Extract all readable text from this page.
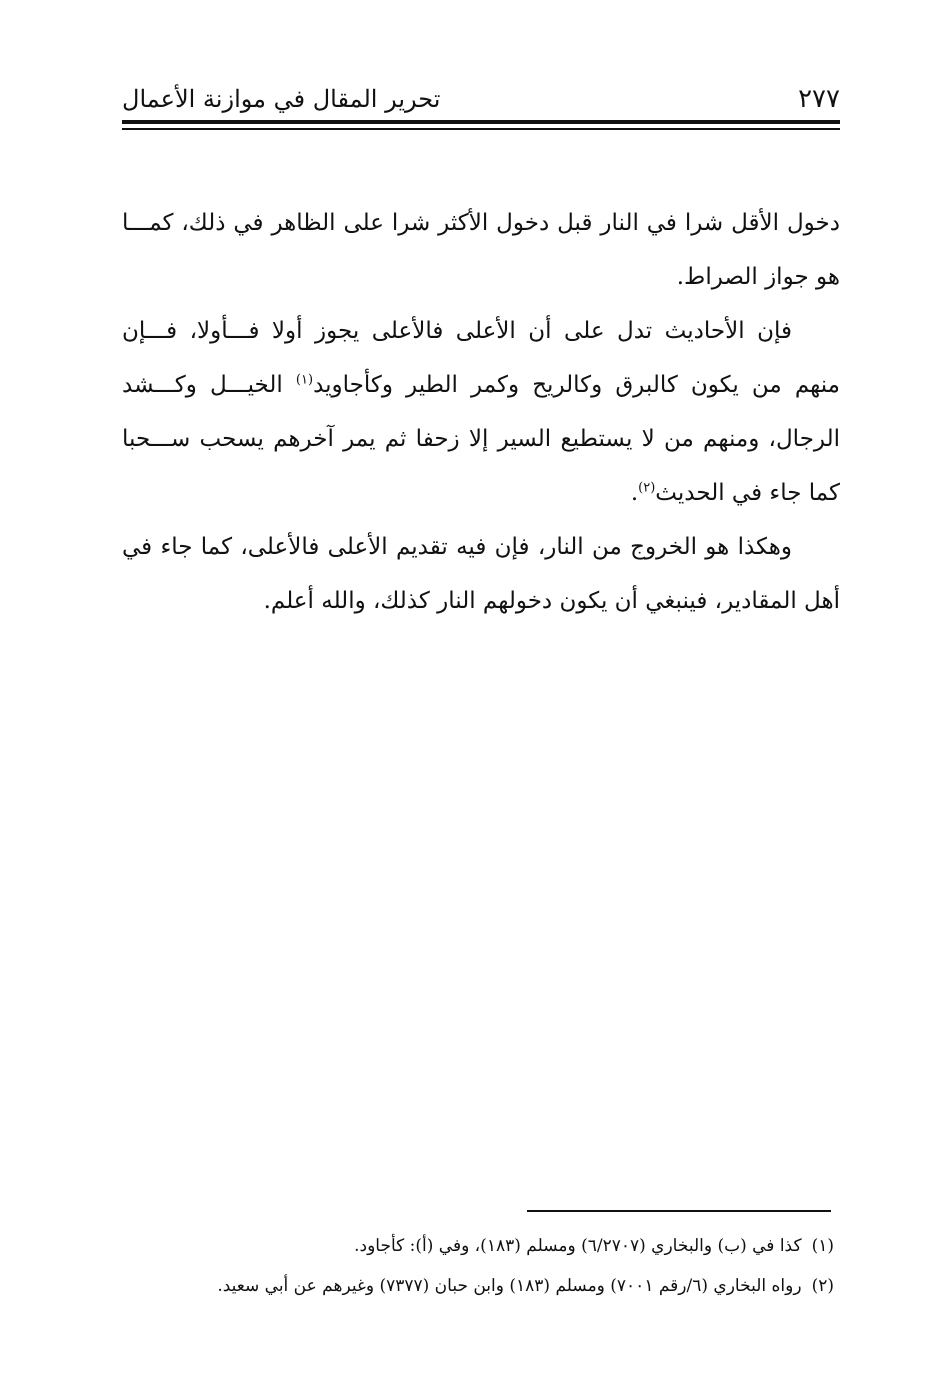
٢٧٧
تحرير المقال في موازنة الأعمال

دخول الأقل شرا في النار قبل دخول الأكثر شرا على الظاهر في ذلك، كمـــا هو جواز الصراط.

فإن الأحاديث تدل على أن الأعلى فالأعلى يجوز أولا فـــأولا، فـــإن منهم من يكون كالبرق وكالريح وكمر الطير وكأجاويد$^{(١)}$ الخيـــل وكـــشد الرجال، ومنهم من لا يستطيع السير إلا زحفا ثم يمر آخرهم يسحب ســـحبا كما جاء في الحديث$^{(٢)}$.

وهكذا هو الخروج من النار، فإن فيه تقديم الأعلى فالأعلى، كما جاء في أهل المقادير، فينبغي أن يكون دخولهم النار كذلك، والله أعلم.

(١)كذا في (ب) والبخاري (٦/٢٧٠٧) ومسلم (١٨٣)، وفي (أ): كأجاود.

(٢)رواه البخاري (٦/رقم ٧٠٠١) ومسلم (١٨٣) وابن حبان (٧٣٧٧) وغيرهم عن أبي سعيد.
